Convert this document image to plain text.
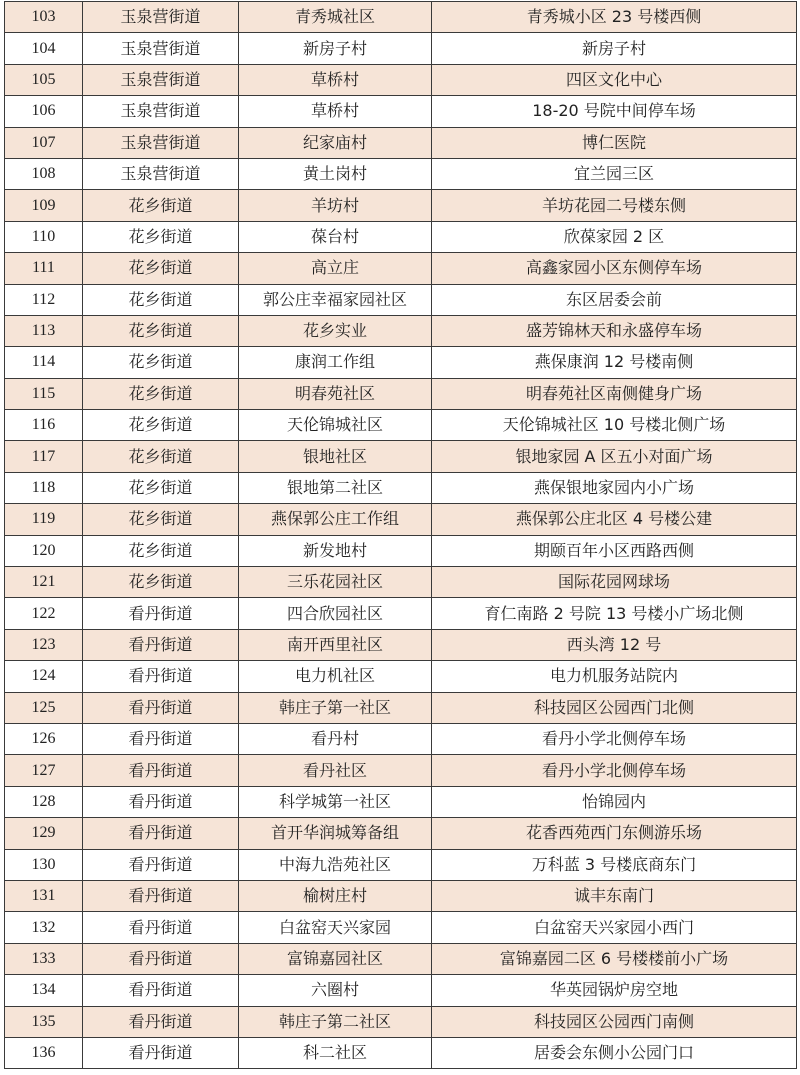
103	玉泉营街道	青秀城社区	青秀城小区 23 号楼西侧
104	玉泉营街道	新房子村	新房子村
105	玉泉营街道	草桥村	四区文化中心
106	玉泉营街道	草桥村	18-20 号院中间停车场
107	玉泉营街道	纪家庙村	博仁医院
108	玉泉营街道	黄土岗村	宜兰园三区
109	花乡街道	羊坊村	羊坊花园二号楼东侧
110	花乡街道	葆台村	欣葆家园 2 区
111	花乡街道	高立庄	高鑫家园小区东侧停车场
112	花乡街道	郭公庄幸福家园社区	东区居委会前
113	花乡街道	花乡实业	盛芳锦林天和永盛停车场
114	花乡街道	康润工作组	燕保康润 12 号楼南侧
115	花乡街道	明春苑社区	明春苑社区南侧健身广场
116	花乡街道	天伦锦城社区	天伦锦城社区 10 号楼北侧广场
117	花乡街道	银地社区	银地家园 A 区五小对面广场
118	花乡街道	银地第二社区	燕保银地家园内小广场
119	花乡街道	燕保郭公庄工作组	燕保郭公庄北区 4 号楼公建
120	花乡街道	新发地村	期颐百年小区西路西侧
121	花乡街道	三乐花园社区	国际花园网球场
122	看丹街道	四合欣园社区	育仁南路 2 号院 13 号楼小广场北侧
123	看丹街道	南开西里社区	西头湾 12 号
124	看丹街道	电力机社区	电力机服务站院内
125	看丹街道	韩庄子第一社区	科技园区公园西门北侧
126	看丹街道	看丹村	看丹小学北侧停车场
127	看丹街道	看丹社区	看丹小学北侧停车场
128	看丹街道	科学城第一社区	怡锦园内
129	看丹街道	首开华润城筹备组	花香西苑西门东侧游乐场
130	看丹街道	中海九浩苑社区	万科蓝 3 号楼底商东门
131	看丹街道	榆树庄村	诚丰东南门
132	看丹街道	白盆窑天兴家园	白盆窑天兴家园小西门
133	看丹街道	富锦嘉园社区	富锦嘉园二区 6 号楼楼前小广场
134	看丹街道	六圈村	华英园锅炉房空地
135	看丹街道	韩庄子第二社区	科技园区公园西门南侧
136	看丹街道	科二社区	居委会东侧小公园门口
